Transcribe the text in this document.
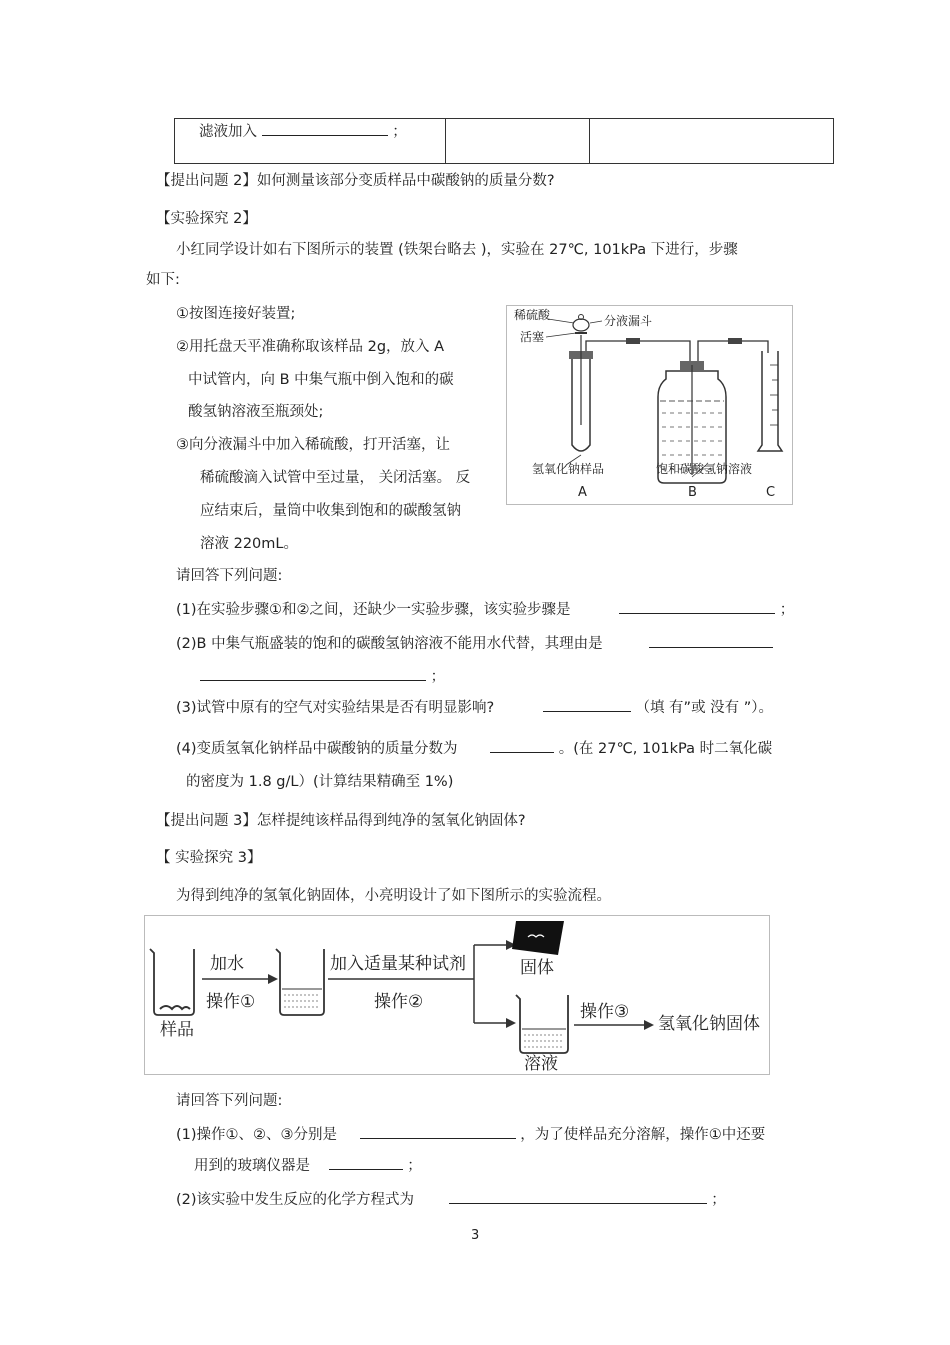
滤液加入	；

【提出问题 2】如何测量该部分变质样品中碳酸钠的质量分数?
【实验探究 2】
小红同学设计如右下图所示的装置 (铁架台略去 )，实验在 27℃, 101kPa 下进行，步骤
如下:
①按图连接好装置;
②用托盘天平准确称取该样品 2g，放入 A
中试管内，向 B 中集气瓶中倒入饱和的碳
酸氢钠溶液至瓶颈处;
③向分液漏斗中加入稀硫酸，打开活塞，让
稀硫酸滴入试管中至过量， 关闭活塞。 反
应结束后，量筒中收集到饱和的碳酸氢钠
溶液 220mL。
稀硫酸
活塞
分液漏斗
氢氧化钠样品	饱和碳酸氢钠溶液
A	B	C
请回答下列问题:
(1)在实验步骤①和②之间，还缺少一实验步骤，该实验步骤是	；
(2)B 中集气瓶盛装的饱和的碳酸氢钠溶液不能用水代替，其理由是
；
(3)试管中原有的空气对实验结果是否有明显影响?	（填 有”或 没有 ”）。
(4)变质氢氧化钠样品中碳酸钠的质量分数为	。(在 27℃, 101kPa 时二氧化碳
的密度为 1.8 g/L）(计算结果精确至 1%)
【提出问题 3】怎样提纯该样品得到纯净的氢氧化钠固体?
【 实验探究 3】
为得到纯净的氢氧化钠固体，小亮明设计了如下图所示的实验流程。
样品
加水
操作①
加入适量某种试剂
操作②
固体
溶液
操作③
氢氧化钠固体
请回答下列问题:
(1)操作①、②、③分别是	，为了使样品充分溶解，操作①中还要
用到的玻璃仪器是	；
(2)该实验中发生反应的化学方程式为	；
3
